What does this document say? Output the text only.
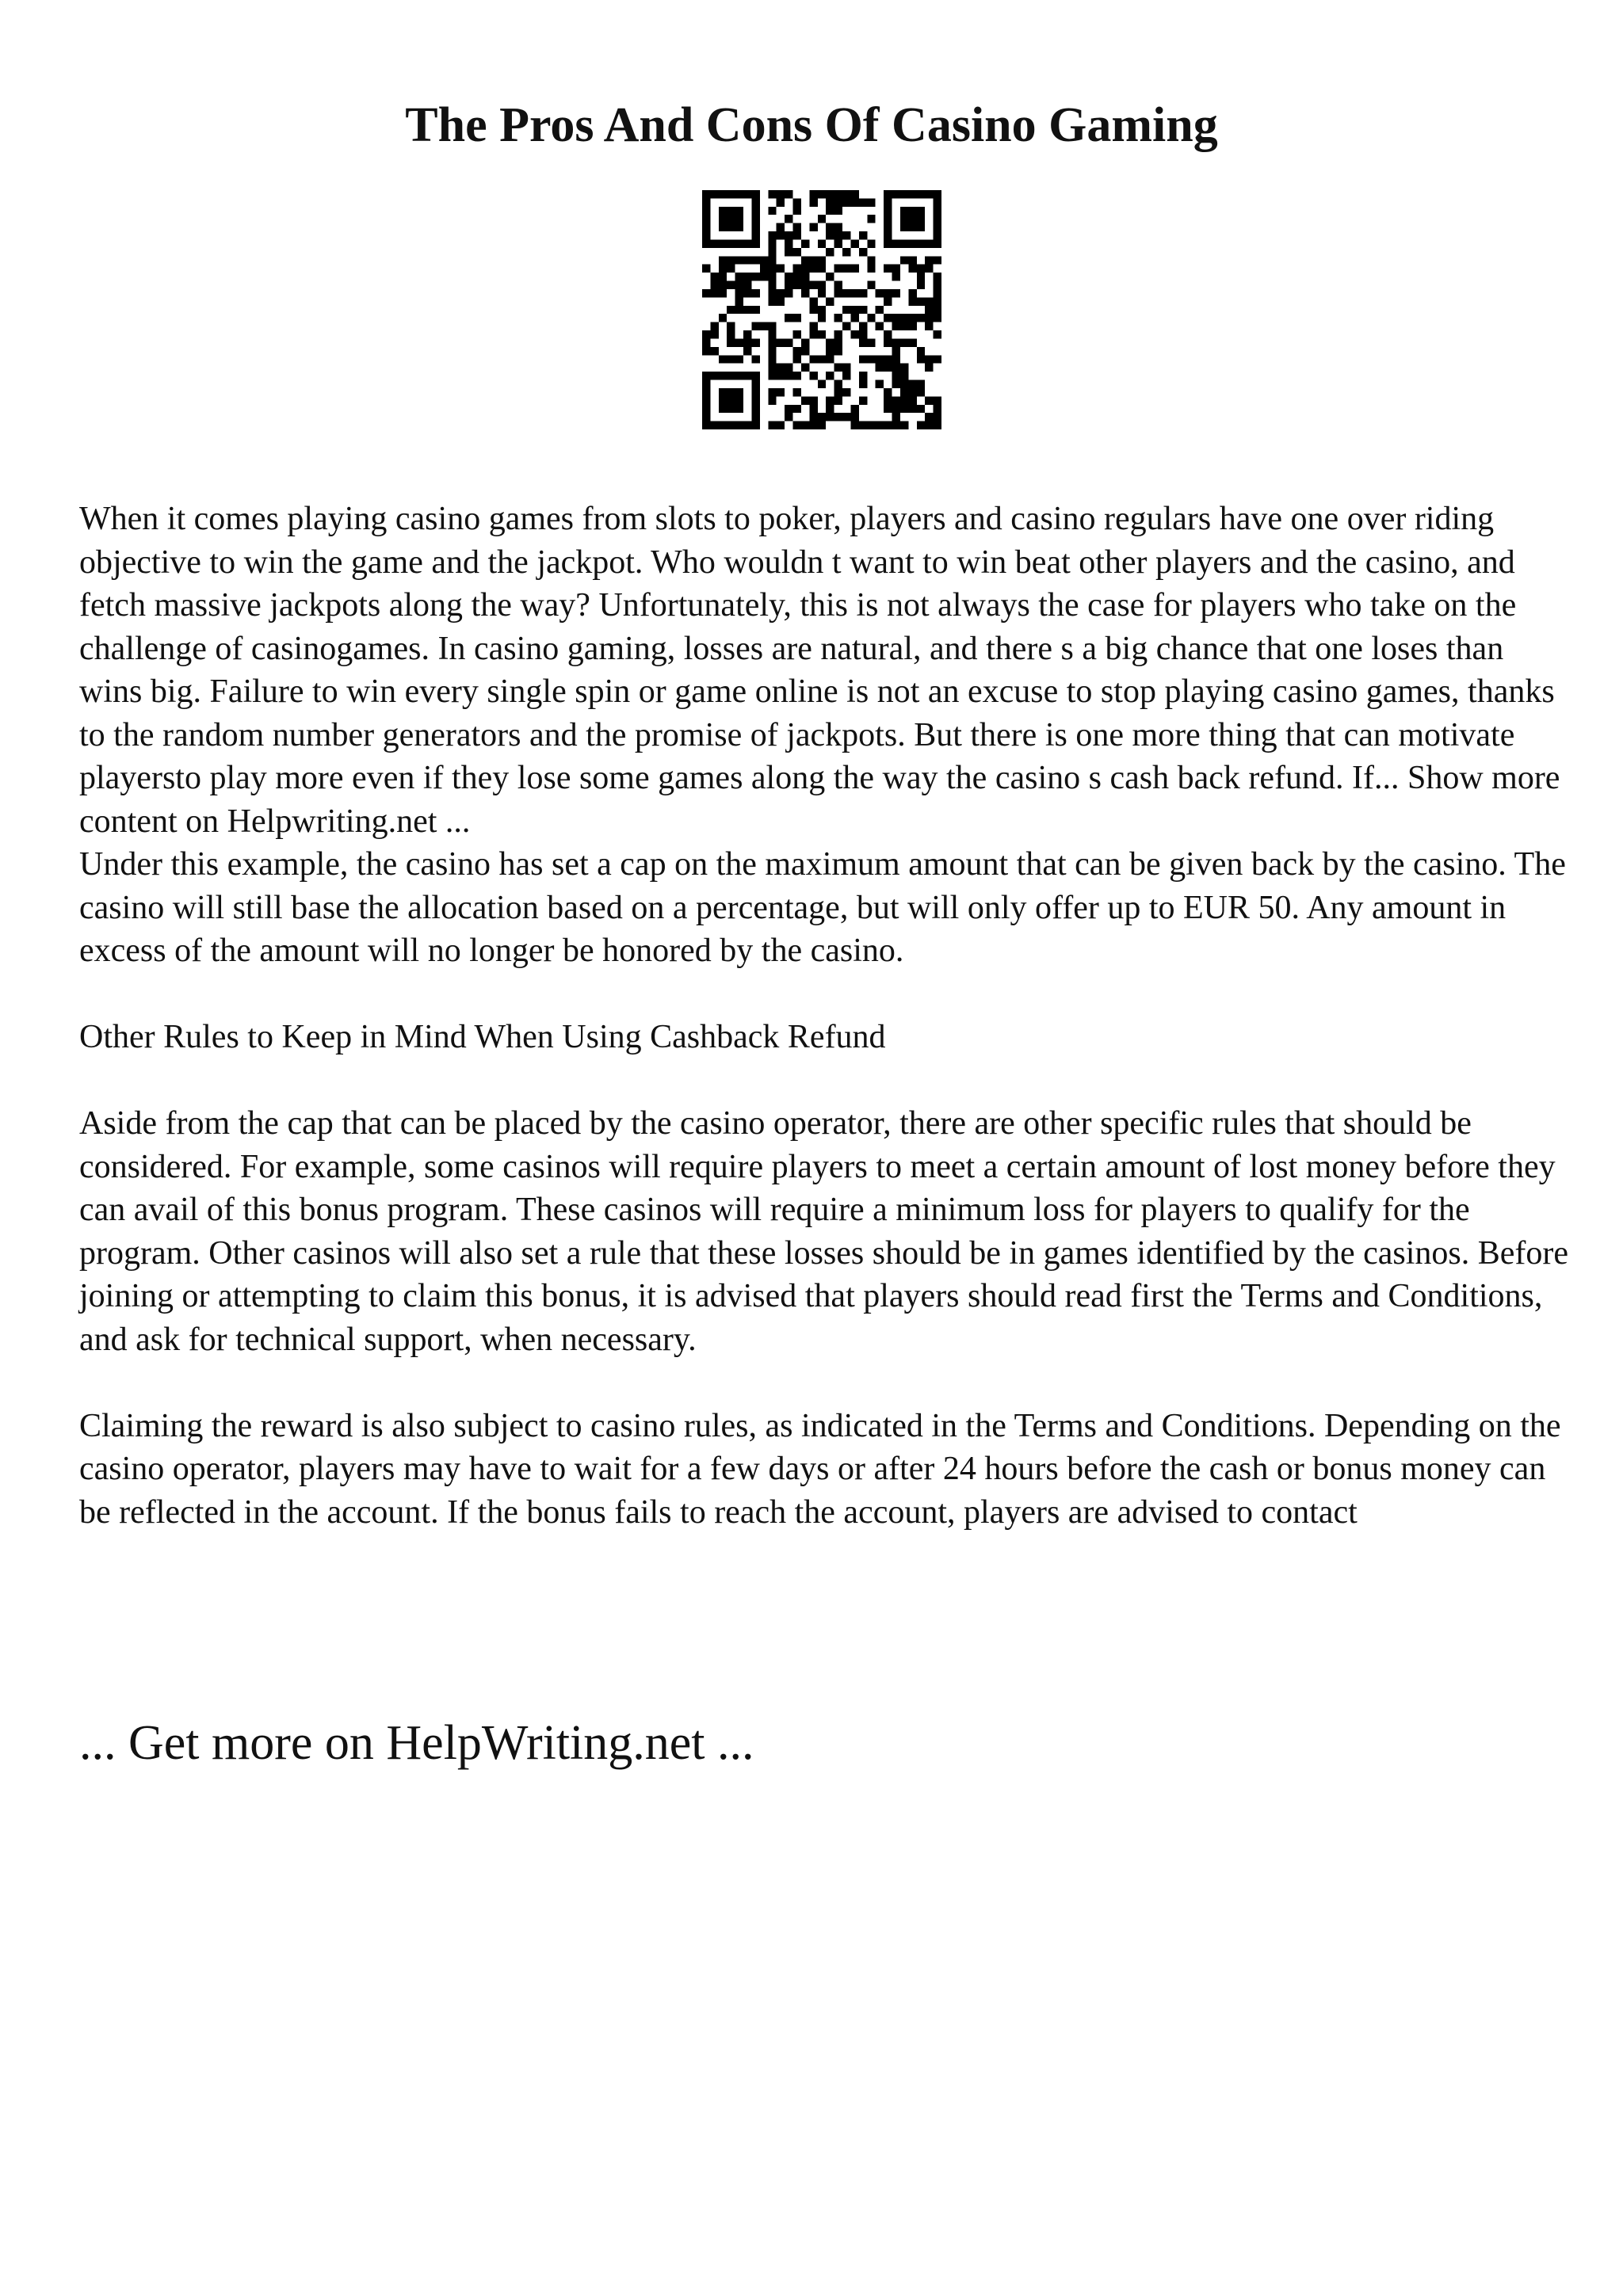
The Pros And Cons Of Casino Gaming

When it comes playing casino games from slots to poker, players and casino regulars have one over riding objective to win the game and the jackpot. Who wouldn t want to win beat other players and the casino, and fetch massive jackpots along the way? Unfortunately, this is not always the case for players who take on the challenge of casinogames. In casino gaming, losses are natural, and there s a big chance that one loses than wins big. Failure to win every single spin or game online is not an excuse to stop playing casino games, thanks to the random number generators and the promise of jackpots. But there is one more thing that can motivate playersto play more even if they lose some games along the way the casino s cash back refund. If... Show more content on Helpwriting.net ...

Under this example, the casino has set a cap on the maximum amount that can be given back by the casino. The casino will still base the allocation based on a percentage, but will only offer up to EUR 50. Any amount in excess of the amount will no longer be honored by the casino.

Other Rules to Keep in Mind When Using Cashback Refund

Aside from the cap that can be placed by the casino operator, there are other specific rules that should be considered. For example, some casinos will require players to meet a certain amount of lost money before they can avail of this bonus program. These casinos will require a minimum loss for players to qualify for the program. Other casinos will also set a rule that these losses should be in games identified by the casinos. Before joining or attempting to claim this bonus, it is advised that players should read first the Terms and Conditions, and ask for technical support, when necessary.

Claiming the reward is also subject to casino rules, as indicated in the Terms and Conditions. Depending on the casino operator, players may have to wait for a few days or after 24 hours before the cash or bonus money can be reflected in the account. If the bonus fails to reach the account, players are advised to contact

... Get more on HelpWriting.net ...
